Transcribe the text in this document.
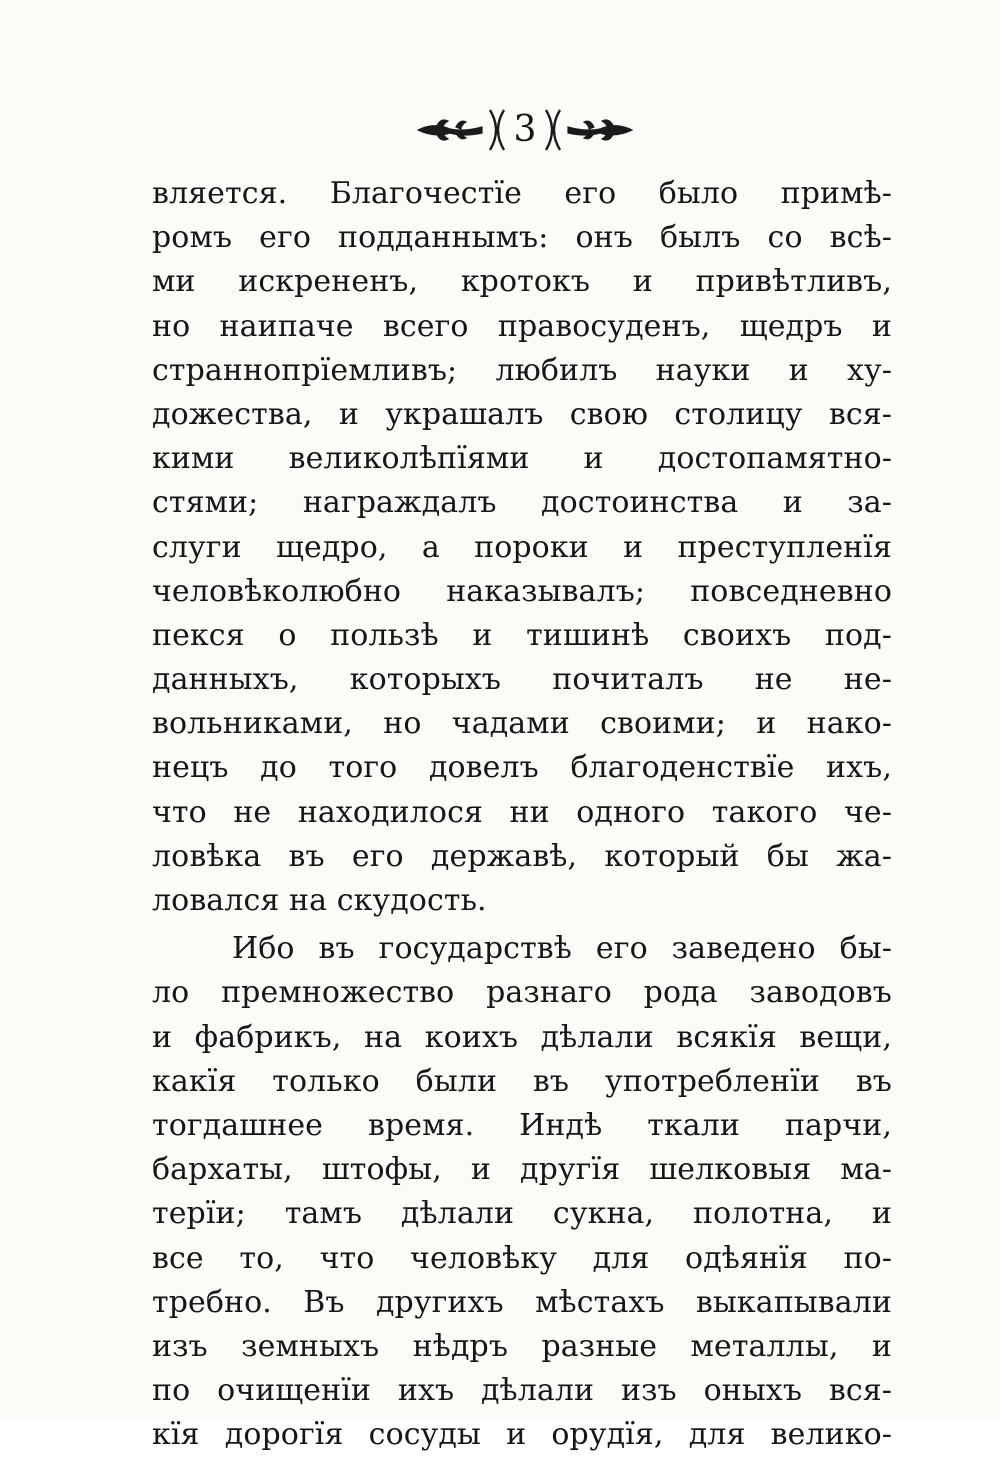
3
вляется. Благочестїе его было примѣ-
ромъ его подданнымъ: онъ былъ со всѣ-
ми искрененъ, кротокъ и привѣтливъ,
но наипаче всего правосуденъ, щедръ и
страннопрїемливъ; любилъ науки и ху-
дожества, и украшалъ свою столицу вся-
кими великолѣпїями и достопамятно-
стями; награждалъ достоинства и за-
слуги щедро, а пороки и преступленїя
человѣколюбно наказывалъ; повседневно
пекся о пользѣ и тишинѣ своихъ под-
данныхъ, которыхъ почиталъ не не-
вольниками, но чадами своими; и нако-
нецъ до того довелъ благоденствїе ихъ,
что не находилося ни одного такого че-
ловѣка въ его державѣ, который бы жа-
ловался на скудость.
Ибо въ государствѣ его заведено бы-
ло премножество разнаго рода заводовъ
и фабрикъ, на коихъ дѣлали всякїя вещи,
какїя только были въ употребленїи въ
тогдашнее время. Индѣ ткали парчи,
бархаты, штофы, и другїя шелковыя ма-
терїи; тамъ дѣлали сукна, полотна, и
все то, что человѣку для одѣянїя по-
требно. Въ другихъ мѣстахъ выкапывали
изъ земныхъ нѣдръ разные металлы, и
по очищенїи ихъ дѣлали изъ оныхъ вся-
кїя дорогїя сосуды и орудїя, для велико-
